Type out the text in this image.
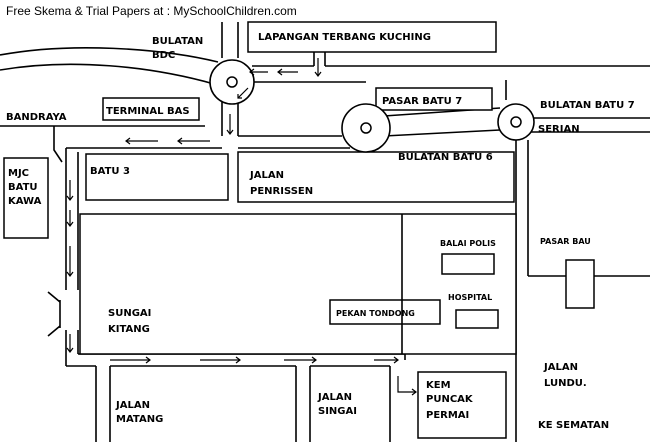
Free Skema & Trial Papers at : MySchoolChildren.com
BULATAN
BDC
LAPANGAN TERBANG KUCHING
TERMINAL BAS
BANDRAYA
PASAR BATU 7	BULATAN BATU 7
SERIAN
BULATAN BATU 6
BATU 3
MJC
BATU
KAWA
JALAN
PENRISSEN
BALAI POLIS	PASAR BAU
HOSPITAL
PEKAN TONDONG
SUNGAI
KITANG
JALAN
LUNDU.
JALAN
MATANG
JALAN
SINGAI
KEM
PUNCAK
PERMAI
KE SEMATAN
